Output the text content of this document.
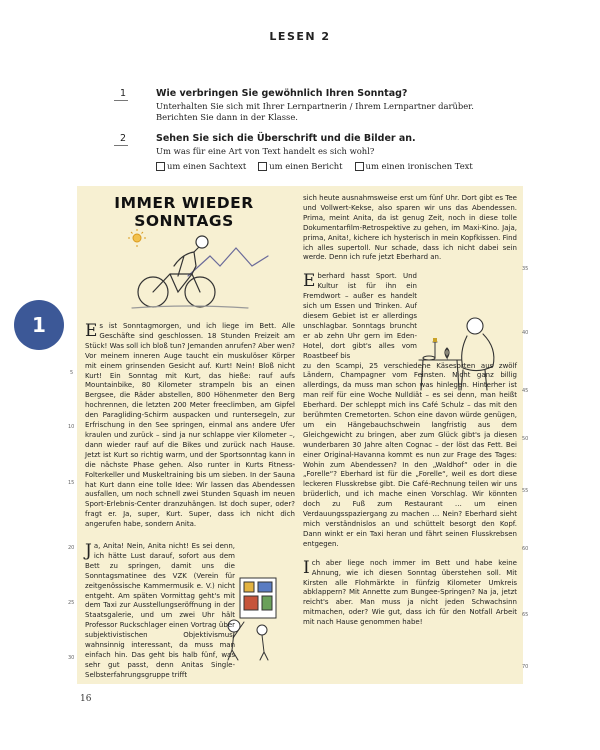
LESEN 2
1	Wie verbringen Sie gewöhnlich Ihren Sonntag?
Unterhalten Sie sich mit Ihrer Lernpartnerin / Ihrem Lernpartner darüber.
Berichten Sie dann in der Klasse.
2	Sehen Sie sich die Überschrift und die Bilder an.
Um was für eine Art von Text handelt es sich wohl?
um einen Sachtext	um einen Bericht	um einen ironischen Text
IMMER WIEDER SONNTAGS
1	Es ist Sonntagmorgen, und ich liege im Bett. Alle Geschäfte sind geschlossen. 18 Stunden Freizeit am Stück! Was soll ich bloß tun? Jemanden anrufen? Aber wen? Vor meinem inneren Auge taucht ein muskulöser Körper mit einem grinsenden Gesicht auf. Kurt! Nein! Bloß nicht Kurt! Ein Sonntag mit Kurt, das hieße: rauf aufs Mountainbike, 80 Kilometer strampeln bis an einen Bergsee, die Räder abstellen, 800 Höhenmeter den Berg hochrennen, die letzten 200 Meter freeclimben, am Gipfel den Paragliding-Schirm auspacken und runtersegeln, zur Erfrischung in den See springen, einmal ans andere Ufer kraulen und zurück – sind ja nur schlappe vier Kilometer –, dann wieder rauf auf die Bikes und zurück nach Hause. Jetzt ist Kurt so richtig warm, und der Sportsonntag kann in die nächste Phase gehen. Also runter in Kurts Fitness-Folterkeller und Muskeltraining bis um sieben. In der Sauna hat Kurt dann eine tolle Idee: Wir lassen das Abendessen ausfallen, um noch schnell zwei Stunden Squash im neuen Sport-Erlebnis-Center dranzuhängen. Ist doch super, oder? fragt er. Ja, super, Kurt. Super, dass ich nicht dich angerufen habe, sondern Anita.

Ja, Anita! Nein, Anita nicht! Es sei denn, ich hätte Lust darauf, sofort aus dem Bett zu springen, damit uns die Sonntagsmatinee des VZK (Verein für zeitgenössische Kammermusik e. V.) nicht entgeht. Am späten Vormittag geht's mit dem Taxi zur Ausstellungseröffnung in der Staatsgalerie, und um zwei Uhr hält Professor Ruckschlager einen Vortrag über subjektivistischen Objektivismus, wahnsinnig interessant, da muss man einfach hin. Das geht bis halb fünf, was sehr gut passt, denn Anitas Single-Selbsterfahrungsgruppe trifft

sich heute ausnahmsweise erst um fünf Uhr. Dort gibt es Tee und Vollwert-Kekse, also sparen wir uns das Abendessen. Prima, meint Anita, da ist genug Zeit, noch in diese tolle Dokumentarfilm-Retrospektive zu gehen, im Maxi-Kino. Jaja, prima, Anita!, kichere ich hysterisch in mein Kopfkissen. Find ich alles supertoll. Nur schade, dass ich nicht dabei sein werde. Denn ich rufe jetzt Eberhard an.

Eberhard hasst Sport. Und Kultur ist für ihn ein Fremdwort – außer es handelt sich um Essen und Trinken. Auf diesem Gebiet ist er allerdings unschlagbar. Sonntags bruncht er ab zehn Uhr gern im Eden-Hotel, dort gibt's alles vom Roastbeef bis

zu den Scampi, 25 verschiedene Käsesorten aus zwölf Ländern, Champagner vom Feinsten. Nicht ganz billig allerdings, da muss man schon was hinlegen. Hinterher ist man reif für eine Woche Nulldiät – es sei denn, man heißt Eberhard. Der schleppt mich ins Café Schulz – das mit den berühmten Cremetorten. Schon eine davon würde genügen, um ein Hängebauchschwein langfristig aus dem Gleichgewicht zu bringen, aber zum Glück gibt's ja diesen wunderbaren 30 Jahre alten Cognac – der löst das Fett. Bei einer Original-Havanna kommt es nun zur Frage des Tages: Wohin zum Abendessen? In den „Waldhof“ oder in die „Forelle“? Eberhard ist für die „Forelle“, weil es dort diese leckeren Flusskrebse gibt. Die Café-Rechnung teilen wir uns brüderlich, und ich mache einen Vorschlag. Wir könnten doch zu Fuß zum Restaurant … um einen Verdauungsspaziergang zu machen … Nein? Eberhard sieht mich verständnislos an und schüttelt besorgt den Kopf. Dann winkt er ein Taxi heran und fährt seinen Flusskrebsen entgegen.

Ich aber liege noch immer im Bett und habe keine Ahnung, wie ich diesen Sonntag überstehen soll. Mit Kirsten alle Flohmärkte in fünfzig Kilometer Umkreis abklappern? Mit Annette zum Bungee-Springen? Na ja, jetzt reicht's aber. Man muss ja nicht jeden Schwachsinn mitmachen, oder? Wie gut, dass ich für den Notfall Arbeit mit nach Hause genommen habe!

5
10
15
20
25
30
35
40
45
50
55
60
65
70
16
